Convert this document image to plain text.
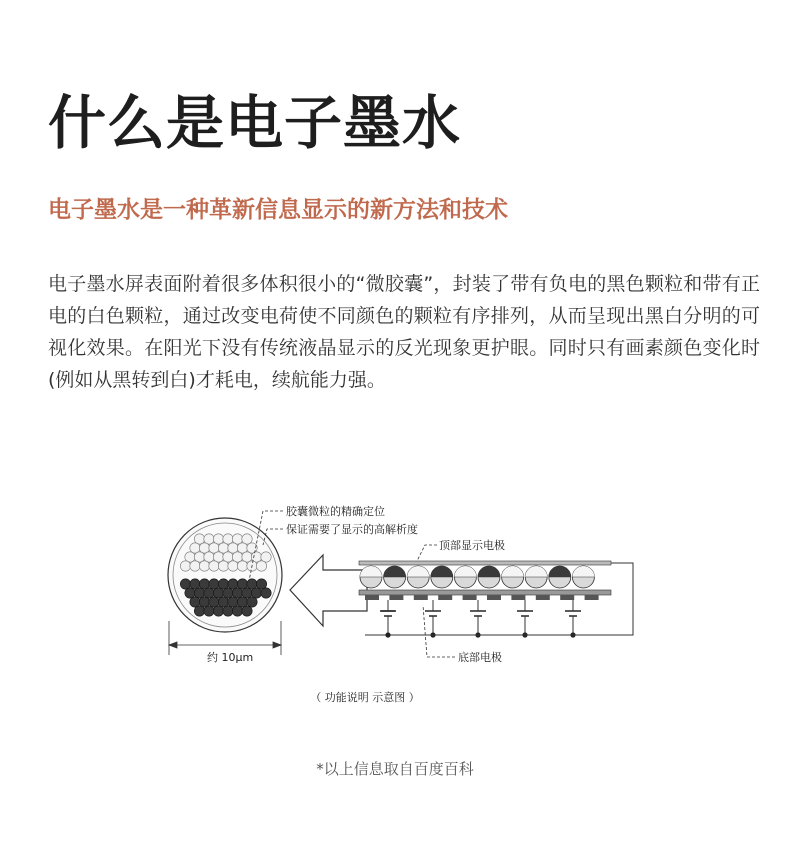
什么是电子墨水
电子墨水是一种革新信息显示的新方法和技术

电子墨水屏表面附着很多体积很小的“微胶囊”，封装了带有负电的黑色颗粒和带有正电的白色颗粒，通过改变电荷使不同颜色的颗粒有序排列，从而呈现出黑白分明的可视化效果。在阳光下没有传统液晶显示的反光现象更护眼。同时只有画素颜色变化时(例如从黑转到白)才耗电，续航能力强。

胶囊微粒的精确定位
保证需要了显示的高解析度
顶部显示电极
底部电极
约 10μm
（ 功能说明 示意图 ）
*以上信息取自百度百科
